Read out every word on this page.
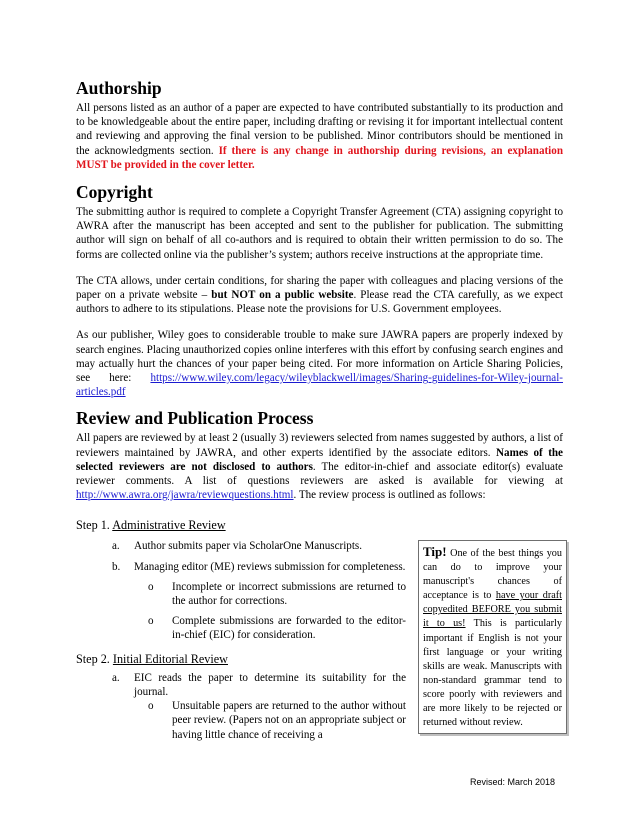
Authorship

All persons listed as an author of a paper are expected to have contributed substantially to its production and to be knowledgeable about the entire paper, including drafting or revising it for important intellectual content and reviewing and approving the final version to be published. Minor contributors should be mentioned in the acknowledgments section. If there is any change in authorship during revisions, an explanation MUST be provided in the cover letter.

Copyright

The submitting author is required to complete a Copyright Transfer Agreement (CTA) assigning copyright to AWRA after the manuscript has been accepted and sent to the publisher for publication. The submitting author will sign on behalf of all co-authors and is required to obtain their written permission to do so. The forms are collected online via the publisher’s system; authors receive instructions at the appropriate time.

The CTA allows, under certain conditions, for sharing the paper with colleagues and placing versions of the paper on a private website – but NOT on a public website. Please read the CTA carefully, as we expect authors to adhere to its stipulations. Please note the provisions for U.S. Government employees.

As our publisher, Wiley goes to considerable trouble to make sure JAWRA papers are properly indexed by search engines. Placing unauthorized copies online interferes with this effort by confusing search engines and may actually hurt the chances of your paper being cited. For more information on Article Sharing Policies, see here: https://www.wiley.com/legacy/wileyblackwell/images/Sharing-guidelines-for-Wiley-journal-articles.pdf

Review and Publication Process

All papers are reviewed by at least 2 (usually 3) reviewers selected from names suggested by authors, a list of reviewers maintained by JAWRA, and other experts identified by the associate editors. Names of the selected reviewers are not disclosed to authors. The editor-in-chief and associate editor(s) evaluate reviewer comments. A list of questions reviewers are asked is available for viewing at http://www.awra.org/jawra/reviewquestions.html. The review process is outlined as follows:

Step 1. Administrative Review

a. Author submits paper via ScholarOne Manuscripts.
b. Managing editor (ME) reviews submission for completeness.
o Incomplete or incorrect submissions are returned to the author for corrections.
o Complete submissions are forwarded to the editor-in-chief (EIC) for consideration.

Step 2. Initial Editorial Review

a. EIC reads the paper to determine its suitability for the journal.
o Unsuitable papers are returned to the author without peer review. (Papers not on an appropriate subject or having little chance of receiving a
Tip! One of the best things you can do to improve your manuscript's chances of acceptance is to have your draft copyedited BEFORE you submit it to us! This is particularly important if English is not your first language or your writing skills are weak. Manuscripts with non-standard grammar tend to score poorly with reviewers and are more likely to be rejected or returned without review.
Revised: March 2018
